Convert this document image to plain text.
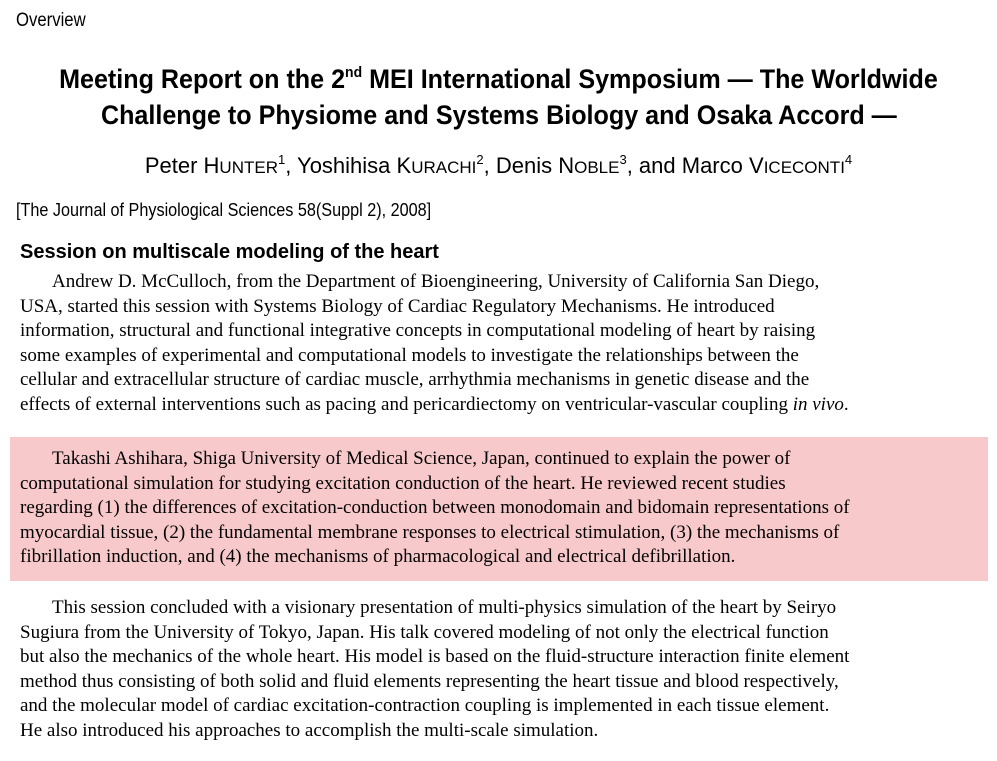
Overview
Meeting Report on the 2nd MEI International Symposium — The Worldwide
Challenge to Physiome and Systems Biology and Osaka Accord —
Peter HUNTER$^1$, Yoshihisa KURACHI$^2$, Denis NOBLE$^3$, and Marco VICECONTI$^4$
[The Journal of Physiological Sciences 58(Suppl 2), 2008]
Session on multiscale modeling of the heart
Andrew D. McCulloch, from the Department of Bioengineering, University of California San Diego,
USA, started this session with Systems Biology of Cardiac Regulatory Mechanisms. He introduced
information, structural and functional integrative concepts in computational modeling of heart by raising
some examples of experimental and computational models to investigate the relationships between the
cellular and extracellular structure of cardiac muscle, arrhythmia mechanisms in genetic disease and the
effects of external interventions such as pacing and pericardiectomy on ventricular-vascular coupling in vivo.
Takashi Ashihara, Shiga University of Medical Science, Japan, continued to explain the power of
computational simulation for studying excitation conduction of the heart. He reviewed recent studies
regarding (1) the differences of excitation-conduction between monodomain and bidomain representations of
myocardial tissue, (2) the fundamental membrane responses to electrical stimulation, (3) the mechanisms of
fibrillation induction, and (4) the mechanisms of pharmacological and electrical defibrillation.
This session concluded with a visionary presentation of multi-physics simulation of the heart by Seiryo
Sugiura from the University of Tokyo, Japan. His talk covered modeling of not only the electrical function
but also the mechanics of the whole heart. His model is based on the fluid-structure interaction finite element
method thus consisting of both solid and fluid elements representing the heart tissue and blood respectively,
and the molecular model of cardiac excitation-contraction coupling is implemented in each tissue element.
He also introduced his approaches to accomplish the multi-scale simulation.
